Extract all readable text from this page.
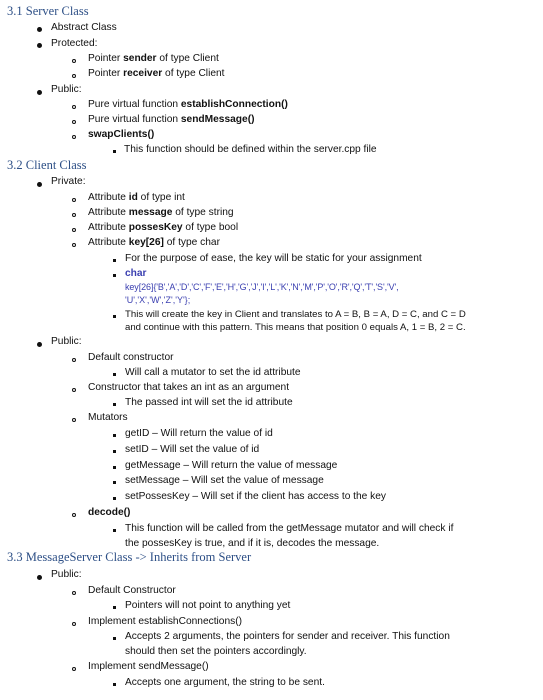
3.1 Server Class
Abstract Class
Protected:
Pointer sender of type Client
Pointer receiver of type Client
Public:
Pure virtual function establishConnection()
Pure virtual function sendMessage()
swapClients()
This function should be defined within the server.cpp file
3.2 Client Class
Private:
Attribute id of type int
Attribute message of type string
Attribute possesKey of type bool
Attribute key[26] of type char
For the purpose of ease, the key will be static for your assignment
char
key[26]{'B','A','D','C','F','E','H','G','J','I','L','K','N','M','P','O','R','Q','T','S','V',
'U','X','W','Z','Y'};
This will create the key in Client and translates to A = B, B = A, D = C, and C = D
and continue with this pattern. This means that position 0 equals A, 1 = B, 2 = C.
Public:
Default constructor
Will call a mutator to set the id attribute
Constructor that takes an int as an argument
The passed int will set the id attribute
Mutators
getID – Will return the value of id
setID – Will set the value of id
getMessage – Will return the value of message
setMessage – Will set the value of message
setPossesKey – Will set if the client has access to the key
decode()
This function will be called from the getMessage mutator and will check if
the possesKey is true, and if it is, decodes the message.
3.3 MessageServer Class -> Inherits from Server
Public:
Default Constructor
Pointers will not point to anything yet
Implement establishConnections()
Accepts 2 arguments, the pointers for sender and receiver. This function
should then set the pointers accordingly.
Implement sendMessage()
Accepts one argument, the string to be sent.
